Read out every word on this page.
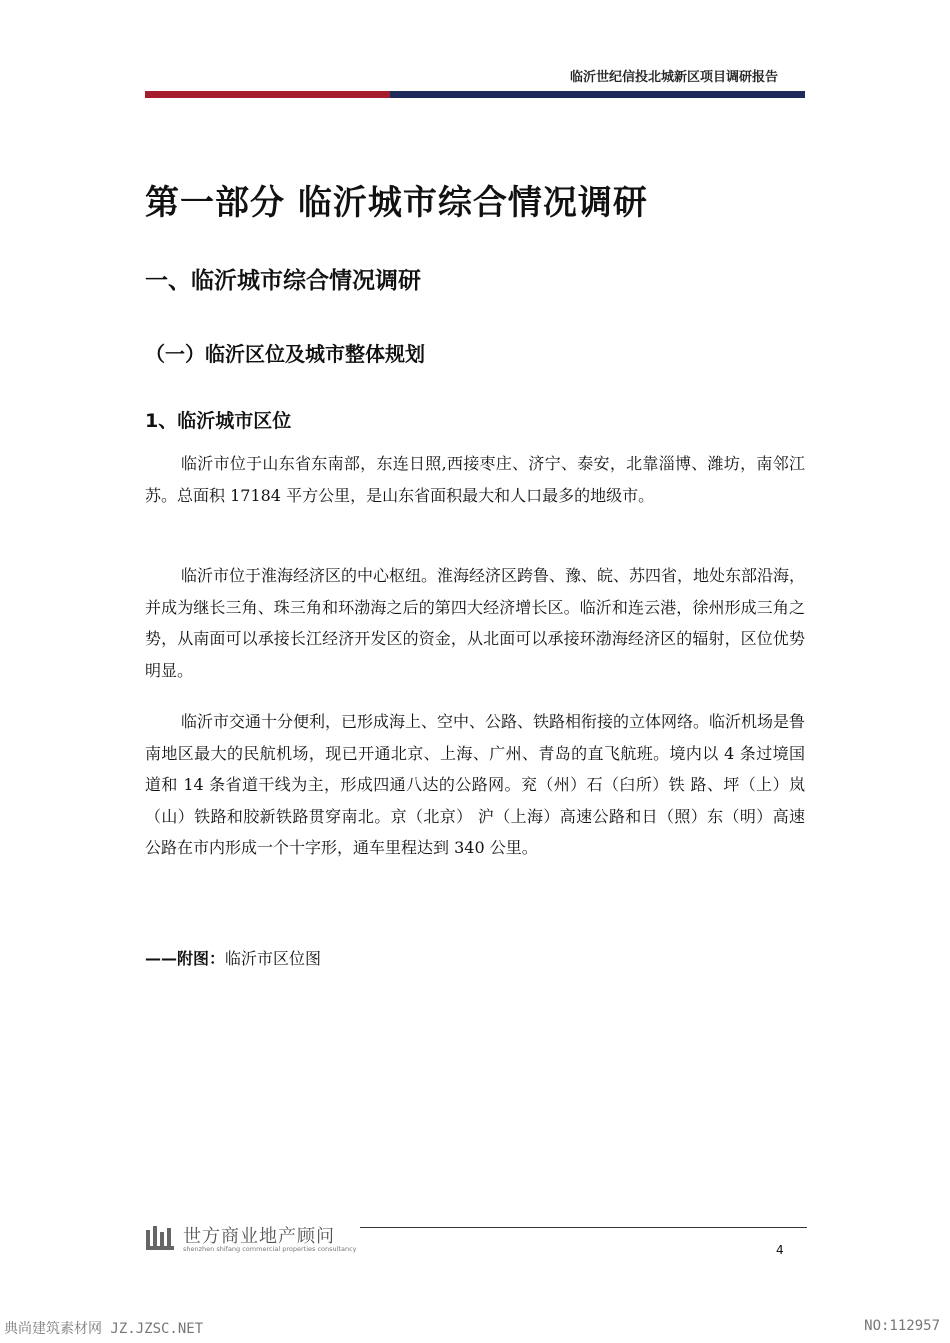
临沂世纪信投北城新区项目调研报告
第一部分 临沂城市综合情况调研
一、临沂城市综合情况调研
（一）临沂区位及城市整体规划
1、临沂城市区位

临沂市位于山东省东南部，东连日照,西接枣庄、济宁、泰安，北靠淄博、潍坊，南邻江苏。总面积 17184 平方公里，是山东省面积最大和人口最多的地级市。

临沂市位于淮海经济区的中心枢纽。淮海经济区跨鲁、豫、皖、苏四省，地处东部沿海，并成为继长三角、珠三角和环渤海之后的第四大经济增长区。临沂和连云港，徐州形成三角之势，从南面可以承接长江经济开发区的资金，从北面可以承接环渤海经济区的辐射，区位优势明显。

临沂市交通十分便利，已形成海上、空中、公路、铁路相衔接的立体网络。临沂机场是鲁南地区最大的民航机场，现已开通北京、上海、广州、青岛的直飞航班。境内以 4 条过境国道和 14 条省道干线为主，形成四通八达的公路网。兖（州）石（臼所）铁 路、坪（上）岚（山）铁路和胶新铁路贯穿南北。京（北京） 沪（上海）高速公路和日（照）东（明）高速公路在市内形成一个十字形，通车里程达到 340 公里。

——附图：临沂市区位图
世方商业地产顾问
shenzhen shifang commercial properties consultancy	4
典尚建筑素材网 JZ.JZSC.NET	NO:112957
